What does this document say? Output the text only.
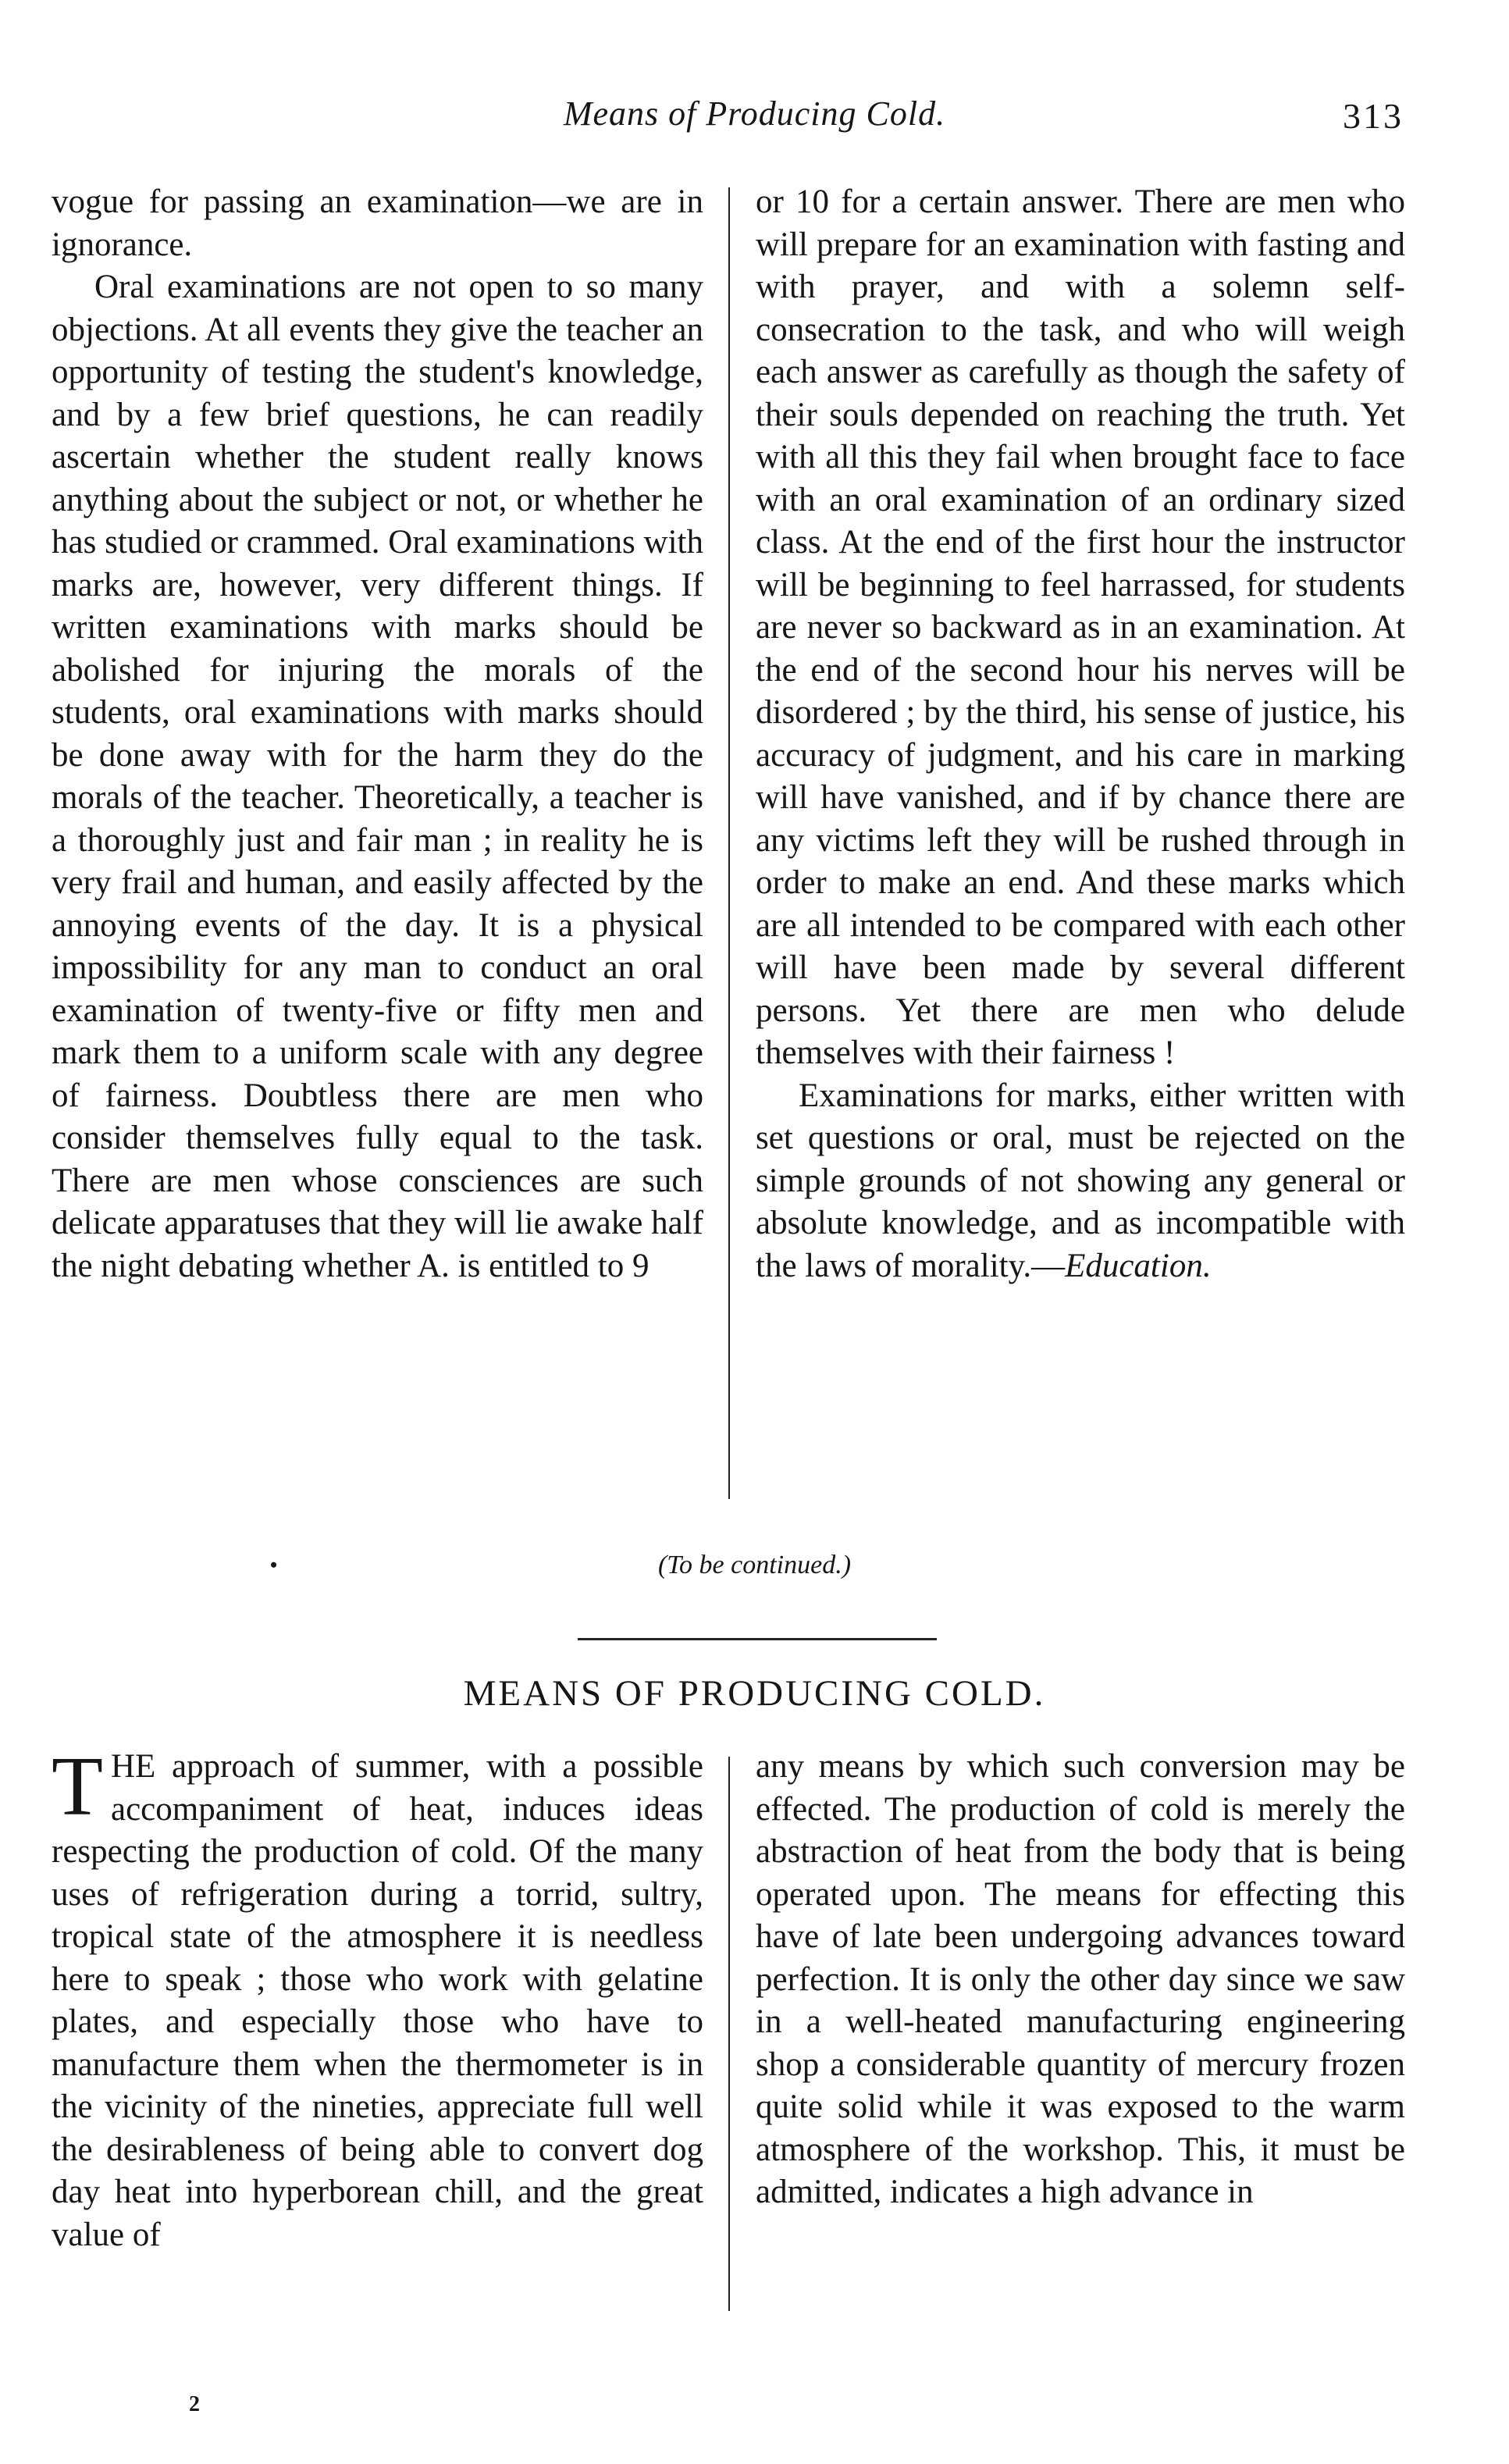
Means of Producing Cold.	313

vogue for passing an examination—we are in ignorance.

Oral examinations are not open to so many objections. At all events they give the teacher an opportunity of testing the student's knowledge, and by a few brief questions, he can readily ascertain whether the student really knows anything about the subject or not, or whether he has studied or crammed. Oral examinations with marks are, however, very different things. If written examinations with marks should be abolished for injuring the morals of the students, oral examinations with marks should be done away with for the harm they do the morals of the teacher. Theoretically, a teacher is a thoroughly just and fair man ; in reality he is very frail and human, and easily affected by the annoying events of the day. It is a physical impossibility for any man to conduct an oral examination of twenty-five or fifty men and mark them to a uniform scale with any degree of fairness. Doubtless there are men who consider themselves fully equal to the task. There are men whose consciences are such delicate apparatuses that they will lie awake half the night debating whether A. is entitled to 9

or 10 for a certain answer. There are men who will prepare for an examination with fasting and with prayer, and with a solemn self-consecration to the task, and who will weigh each answer as carefully as though the safety of their souls depended on reaching the truth. Yet with all this they fail when brought face to face with an oral examination of an ordinary sized class. At the end of the first hour the instructor will be beginning to feel harrassed, for students are never so backward as in an examination. At the end of the second hour his nerves will be disordered ; by the third, his sense of justice, his accuracy of judgment, and his care in marking will have vanished, and if by chance there are any victims left they will be rushed through in order to make an end. And these marks which are all intended to be compared with each other will have been made by several different persons. Yet there are men who delude themselves with their fairness !

Examinations for marks, either written with set questions or oral, must be rejected on the simple grounds of not showing any general or absolute knowledge, and as incompatible with the laws of morality.—Education.

•	(To be continued.)
MEANS OF PRODUCING COLD.

THE approach of summer, with a possible accompaniment of heat, induces ideas respecting the production of cold. Of the many uses of refrigeration during a torrid, sultry, tropical state of the atmosphere it is needless here to speak ; those who work with gelatine plates, and especially those who have to manufacture them when the thermometer is in the vicinity of the nineties, appreciate full well the desirableness of being able to convert dog day heat into hyperborean chill, and the great value of

any means by which such conversion may be effected. The production of cold is merely the abstraction of heat from the body that is being operated upon. The means for effecting this have of late been undergoing advances toward perfection. It is only the other day since we saw in a well-heated manufacturing engineering shop a considerable quantity of mercury frozen quite solid while it was exposed to the warm atmosphere of the workshop. This, it must be admitted, indicates a high advance in

2
